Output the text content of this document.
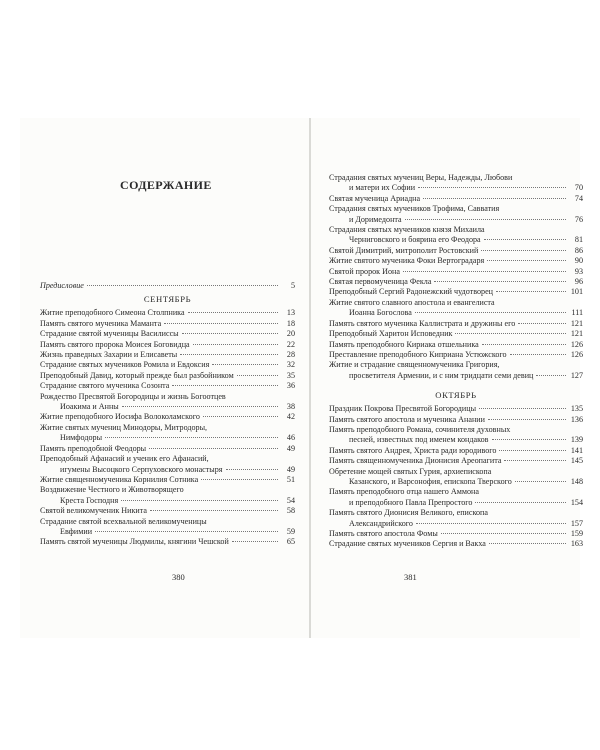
СОДЕРЖАНИЕ
Предисловие	5
СЕНТЯБРЬ
Житие преподобного Симеона Столпника	13
Память святого мученика Маманта	18
Страдание святой мученицы Василиссы	20
Память святого пророка Моисея Боговидца	22
Жизнь праведных Захарии и Елисаветы	28
Страдание святых мучеников Ромила и Евдоксия	32
Преподобный Давид, который прежде был разбойником	35
Страдание святого мученика Созонта	36
Рождество Пресвятой Богородицы и жизнь Богоотцев
Иоакима и Анны	38
Житие преподобного Иосифа Волоколамского	42
Житие святых мучениц Минодоры, Митродоры,
Нимфодоры	46
Память преподобной Феодоры	49
Преподобный Афанасий и ученик его Афанасий,
игумены Высоцкого Серпуховского монастыря	49
Житие священномученика Корнилия Сотника	51
Воздвижение Честного и Животворящего
Креста Господня	54
Святой великомученик Никита	58
Страдание святой всехвальной великомученицы
Евфимии	59
Память святой мученицы Людмилы, княгини Чешской	65
380
Страдания святых мучениц Веры, Надежды, Любови
и матери их Софии	70
Святая мученица Ариадна	74
Страдания святых мучеников Трофима, Савватия
и Доримедонта	76
Страдания святых мучеников князя Михаила
Черниговского и боярина его Феодора	81
Святой Димитрий, митрополит Ростовский	86
Житие святого мученика Фоки Вертоградаря	90
Святой пророк Иона	93
Святая первомученица Фекла	96
Преподобный Сергий Радонежский чудотворец	101
Житие святого славного апостола и евангелиста
Иоанна Богослова	111
Память святого мученика Каллистрата и дружины его	121
Преподобный Харитон Исповедник	121
Память преподобного Кириака отшельника	126
Преставление преподобного Киприана Устюжского	126
Житие и страдание священномученика Григория,
просветителя Армении, и с ним тридцати семи девиц	127
ОКТЯБРЬ
Праздник Покрова Пресвятой Богородицы	135
Память святого апостола и мученика Анании	136
Память преподобного Романа, сочинителя духовных
песней, известных под именем кондаков	139
Память святого Андрея, Христа ради юродивого	141
Память священномученика Дионисия Ареопагита	145
Обретение мощей святых Гурия, архиепископа
Казанского, и Варсонофия, епископа Тверского	148
Память преподобного отца нашего Аммона
и преподобного Павла Препростого	154
Память святого Дионисия Великого, епископа
Александрийского	157
Память святого апостола Фомы	159
Страдание святых мучеников Сергия и Вакха	163
381
